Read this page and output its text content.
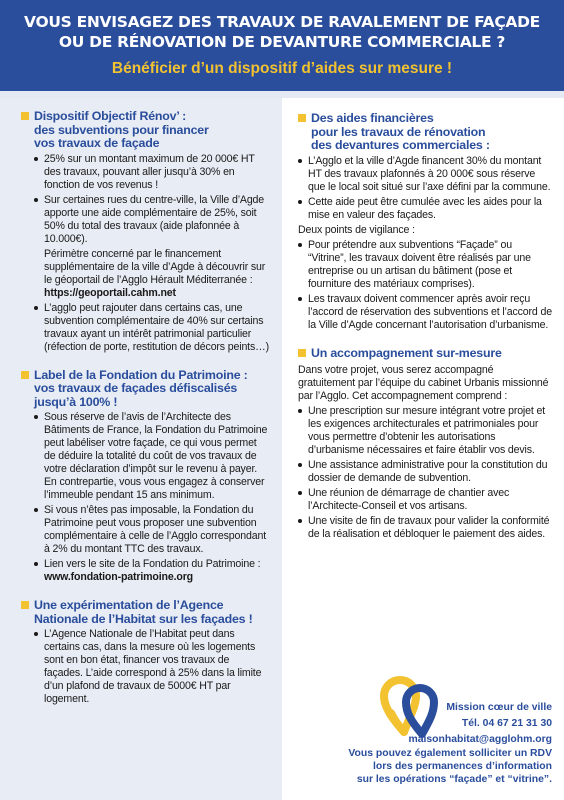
VOUS ENVISAGEZ DES TRAVAUX DE RAVALEMENT DE FAÇADE
OU DE RÉNOVATION DE DEVANTURE COMMERCIALE ?
Bénéficier d’un dispositif d’aides sur mesure !
Dispositif Objectif Rénov’ :
des subventions pour financer
vos travaux de façade
25% sur un montant maximum de 20 000€ HT des travaux, pouvant aller jusqu’à 30% en fonction de vos revenus !
Sur certaines rues du centre-ville, la Ville d’Agde apporte une aide complémentaire de 25%, soit 50% du total des travaux (aide plafonnée à 10.000€).
Périmètre concerné par le financement supplémentaire de la ville d’Agde à découvrir sur le géoportail de l’Agglo Hérault Méditerranée : https://geoportail.cahm.net
L’agglo peut rajouter dans certains cas, une subvention complémentaire de 40% sur certains travaux ayant un intérêt patrimonial particulier (réfection de porte, restitution de décors peints…)
Label de la Fondation du Patrimoine :
vos travaux de façades défiscalisés
jusqu’à 100% !
Sous réserve de l’avis de l’Architecte des Bâtiments de France, la Fondation du Patrimoine peut labéliser votre façade, ce qui vous permet de déduire la totalité du coût de vos travaux de votre déclaration d’impôt sur le revenu à payer. En contrepartie, vous vous engagez à conserver l’immeuble pendant 15 ans minimum.
Si vous n’êtes pas imposable, la Fondation du Patrimoine peut vous proposer une subvention complémentaire à celle de l’Agglo correspondant à 2% du montant TTC des travaux.
Lien vers le site de la Fondation du Patrimoine : www.fondation-patrimoine.org
Une expérimentation de l’Agence
Nationale de l’Habitat sur les façades !
L’Agence Nationale de l’Habitat peut dans certains cas, dans la mesure où les logements sont en bon état, financer vos travaux de façades. L’aide correspond à 25% dans la limite d’un plafond de travaux de 5000€ HT par logement.
Des aides financières
pour les travaux de rénovation
des devantures commerciales :
L’Agglo et la ville d’Agde financent 30% du montant HT des travaux plafonnés à 20 000€ sous réserve que le local soit situé sur l’axe défini par la commune.
Cette aide peut être cumulée avec les aides pour la mise en valeur des façades.
Deux points de vigilance :
Pour prétendre aux subventions “Façade” ou “Vitrine”, les travaux doivent être réalisés par une entreprise ou un artisan du bâtiment (pose et fourniture des matériaux comprises).
Les travaux doivent commencer après avoir reçu l’accord de réservation des subventions et l’accord de la Ville d’Agde concernant l’autorisation d’urbanisme.
Un accompagnement sur-mesure
Dans votre projet, vous serez accompagné gratuitement par l’équipe du cabinet Urbanis missionné par l’Agglo. Cet accompagnement comprend :
Une prescription sur mesure intégrant votre projet et les exigences architecturales et patrimoniales pour vous permettre d’obtenir les autorisations d’urbanisme nécessaires et faire établir vos devis.
Une assistance administrative pour la constitution du dossier de demande de subvention.
Une réunion de démarrage de chantier avec l’Architecte-Conseil et vos artisans.
Une visite de fin de travaux pour valider la conformité de la réalisation et débloquer le paiement des aides.
Mission cœur de ville
Tél. 04 67 21 31 30
maisonhabitat@agglohm.org
Vous pouvez également solliciter un RDV
lors des permanences d’information
sur les opérations “façade” et “vitrine”.
